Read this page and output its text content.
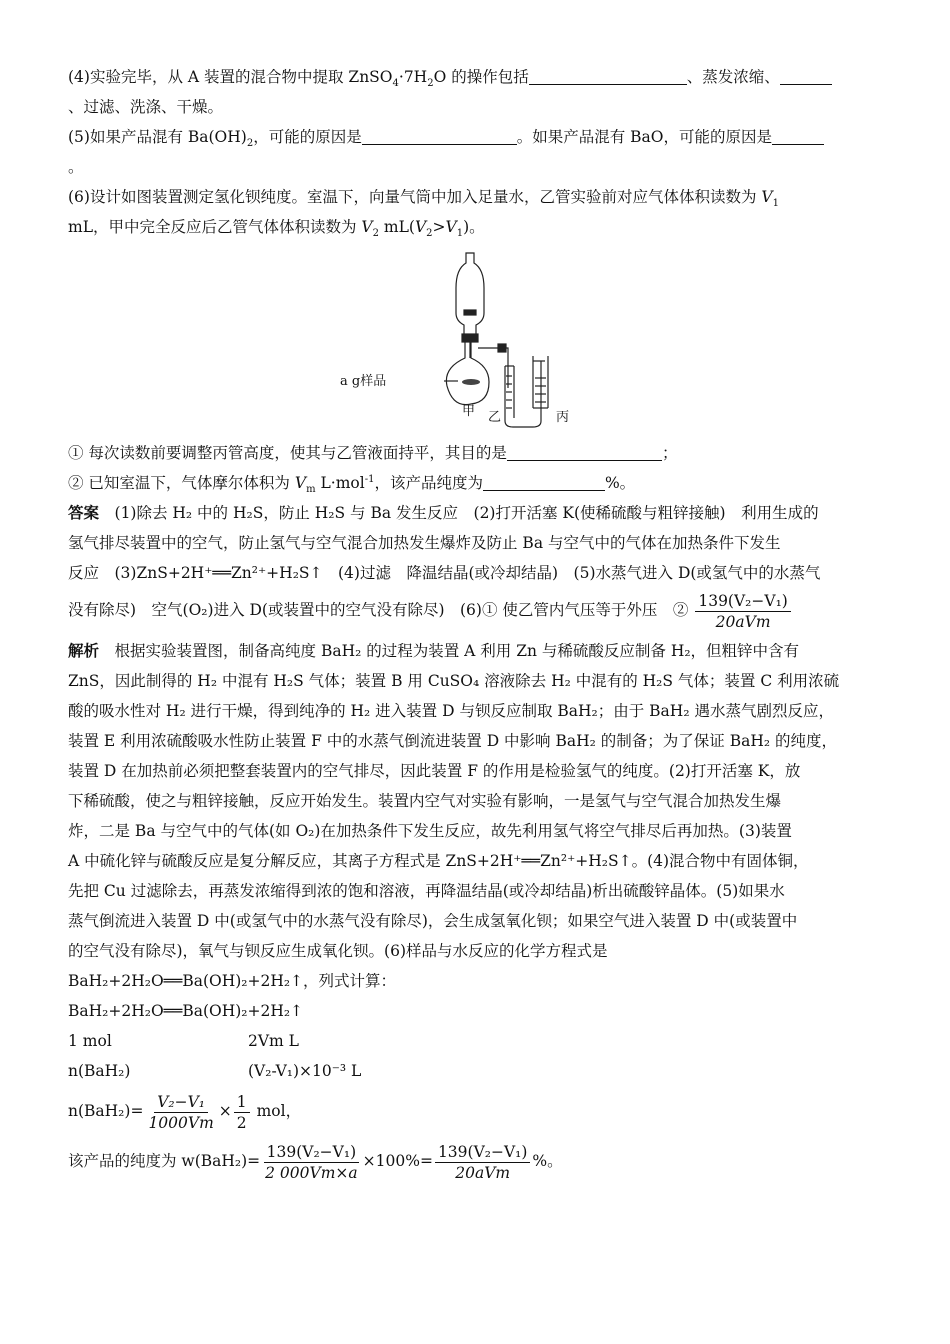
(4)实验完毕，从 A 装置的混合物中提取 $ZnSO_4\cdot 7H_2O$ 的操作包括	、蒸发浓缩、
、过滤、洗涤、干燥。
(5)如果产品混有 $Ba(OH)_2$，可能的原因是	。如果产品混有 BaO，可能的原因是
。
(6)设计如图装置测定氢化钡纯度。室温下，向量气筒中加入足量水，乙管实验前对应气体体积读数为 $V_1$
mL，甲中完全反应后乙管气体体积读数为 $V_2$ $mL(V_2>V_1)$。
a g样品
甲 乙	丙
① 每次读数前要调整丙管高度，使其与乙管液面持平，其目的是	；
② 已知室温下，气体摩尔体积为 $V_m$ L·mol$^{-1}$，该产品纯度为	%。
答案　(1)除去 H₂ 中的 H₂S，防止 H₂S 与 Ba 发生反应　(2)打开活塞 K(使稀硫酸与粗锌接触)　利用生成的
氢气排尽装置中的空气，防止氢气与空气混合加热发生爆炸及防止 Ba 与空气中的气体在加热条件下发生
反应　(3)ZnS+2H⁺══Zn²⁺+H₂S↑　(4)过滤　降温结晶(或冷却结晶)　(5)水蒸气进入 D(或氢气中的水蒸气
没有除尽)　空气(O₂)进入 D(或装置中的空气没有除尽)　(6)① 使乙管内气压等于外压　② $\frac{\text{139(V₂−V₁)}}{\text{20aVm}}$
解析　根据实验装置图，制备高纯度 BaH₂ 的过程为装置 A 利用 Zn 与稀硫酸反应制备 H₂，但粗锌中含有
ZnS，因此制得的 H₂ 中混有 H₂S 气体；装置 B 用 CuSO₄ 溶液除去 H₂ 中混有的 H₂S 气体；装置 C 利用浓硫
酸的吸水性对 H₂ 进行干燥，得到纯净的 H₂ 进入装置 D 与钡反应制取 BaH₂；由于 BaH₂ 遇水蒸气剧烈反应，
装置 E 利用浓硫酸吸水性防止装置 F 中的水蒸气倒流进装置 D 中影响 BaH₂ 的制备；为了保证 BaH₂ 的纯度，
装置 D 在加热前必须把整套装置内的空气排尽，因此装置 F 的作用是检验氢气的纯度。(2)打开活塞 K，放
下稀硫酸，使之与粗锌接触，反应开始发生。装置内空气对实验有影响，一是氢气与空气混合加热发生爆
炸，二是 Ba 与空气中的气体(如 O₂)在加热条件下发生反应，故先利用氢气将空气排尽后再加热。(3)装置
A 中硫化锌与硫酸反应是复分解反应，其离子方程式是 ZnS+2H⁺══Zn²⁺+H₂S↑。(4)混合物中有固体铜，
先把 Cu 过滤除去，再蒸发浓缩得到浓的饱和溶液，再降温结晶(或冷却结晶)析出硫酸锌晶体。(5)如果水
蒸气倒流进入装置 D 中(或氢气中的水蒸气没有除尽)，会生成氢氧化钡；如果空气进入装置 D 中(或装置中
的空气没有除尽)，氧气与钡反应生成氧化钡。(6)样品与水反应的化学方程式是
BaH₂+2H₂O══Ba(OH)₂+2H₂↑，列式计算：
BaH₂+2H₂O══Ba(OH)₂+2H₂↑
1 mol	2Vm L
n(BaH₂)	(V₂-V₁)×10⁻³ L
$n(BaH_2)= \frac{\text{V₂−V₁}}{1000Vm} \times \frac{1}{2}$ mol，
该产品的纯度为 $w(BaH_2)= \frac{\text{139(V₂−V₁)}}{2 000Vm\times a} \times 100\%= \frac{\text{139(V₂−V₁)}}{\text{20aVm}}$ %。
